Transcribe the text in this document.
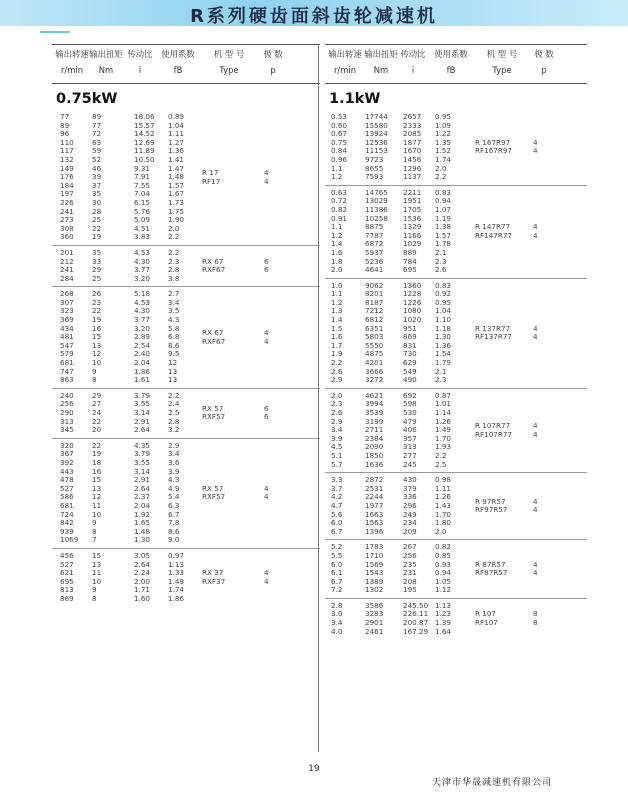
R系列硬齿面斜齿轮减速机
输出转速
r/min
输出扭矩
Nm
传动比
i
使用系数
fB
机 型 号
Type
极 数
p
0.75kW
77	89	18.06 0.89
89	77	15.57 1.04
96	72	14.52 1.11
110	63	12.69 1.27
117	59	11.89 1.36
132	52	10.50 1.41
149	46	9.31 1.47
176	39	7.91 1.48
184	37	7.55 1.57
197	35	7.04 1.67
226	30	6.15 1.73
241	28	5.76 1.75
273	25	5.09 1.90
308	22	4.51 2.0
360	19	3.83 2.2
R 17	4
RF17	4
201	35	4.53 2.2
212	33	4.30 2.3
241	29	3.77 2.8
284	25	3.20 3.8
RX 67	6
RXF67	6
268	26	5.18 2.7
307	23	4.53 3.4
323	22	4.30 3.5
369	19	3.77 4.3
434	16	3.20 5.8
481	15	2.89 6.8
547	13	2.54 8.6
579	12	2.40 9.5
681	10	2.04 12
747	9	1.86 13
863	8	1.61 13
RX 67	4
RXF67	4
240	29	3.79 2.2
256	27	3.55 2.4
290	24	3.14 2.5
313	22	2.91 2.8
345	20	2.64 3.2
RX 57	6
RXF57	6
320	22	4.35 2.9
367	19	3.79 3.4
392	18	3.55 3.6
443	16	3.14 3.9
478	15	2.91 4.3
527	13	2.64 4.9
586	12	2.37 5.4
681	11	2.04 6.3
724	10	1.92 6.7
842	9	1.65 7.8
939	8	1.48 8.6
1069 7	1.30 9.0
RX 57	4
RXF57	4
456	15	3.05 0.97
527	13	2.64 1.13
621	11	2.24 1.33
695	10	2.00 1.49
813	9	1.71 1.74
869	8	1.60 1.86
RX 37	4
RXF37	4
输出转速
r/min
输出扭矩
Nm
传动比
i
使用系数
fB
机 型 号
Type
极 数
p
1.1kW
0.53 17744 2657 0.95
0.60 15580 2333 1.09
0.67 13924 2085 1.22
0.75 12536 1877 1.35
0.84 11153 1670 1.52
0.96 9723	1456 1.74
1.1	8655	1296 2.0
1.2	7593	1137 2.2
R 167R97	4
RF167R97	4
0.63 14765 2211 0.83
0.72 13029 1951 0.94
0.82 11386 1705 1.07
0.91 10258 1536 1.19
1.1	8875	1329 1.38
1.2	7787	1166 1.57
1.4	6872	1029 1.78
1.6	5937	889	2.1
1.8	5236	784	2.3
2.0	4641	695	2.6
R 147R77	4
RF147R77	4
1.0	9062	1360 0.83
1.1	8201	1228 0.92
1.2	8187	1226 0.95
1.3	7212	1080 1.04
1.4	6812	1020 1.10
1.5	6351	951	1.18
1.6	5803	869	1.30
1.7	5550	831	1.36
1.9	4875	730	1.54
2.2	4201	629	1.79
2.6	3666	549	2.1
2.9	3272	490	2.3
R 137R77	4
RF137R77	4
2.0	4621	692	0.87
2.3	3994	598	1.01
2.6	3539	530	1.14
2.9	3199	479	1.26
3.4	2711	406	1.49
3.9	2384	357	1.70
4.5	2090	313	1.93
5.1	1850	277	2.2
5.7	1636	245	2.5
R 107R77	4
RF107R77	4
3.3	2872	430	0.98
3.7	2531	379	1.11
4.2	2244	336	1.26
4.7	1977	296	1.43
5.6	1663	249	1.70
6.0	1563	234	1.80
6.7	1396	209	2.0
R 97R57	4
RF97R57	4
5.2	1783	267	0.82
5.5	1710	256	0.85
6.0	1569	235	0.93
6.1	1543	231	0.94
6.7	1389	208	1.05
7.2	1302	195	1.12
R 87R57	4
RF87R57	4
2.8	3586	245.50 1.13
3.0	3283	226.11 1.23
3.4	2901	200.87 1.39
4.0	2461	167.29 1.64
R 107	8
RF107	8
19
天津市华晟减速机有限公司
